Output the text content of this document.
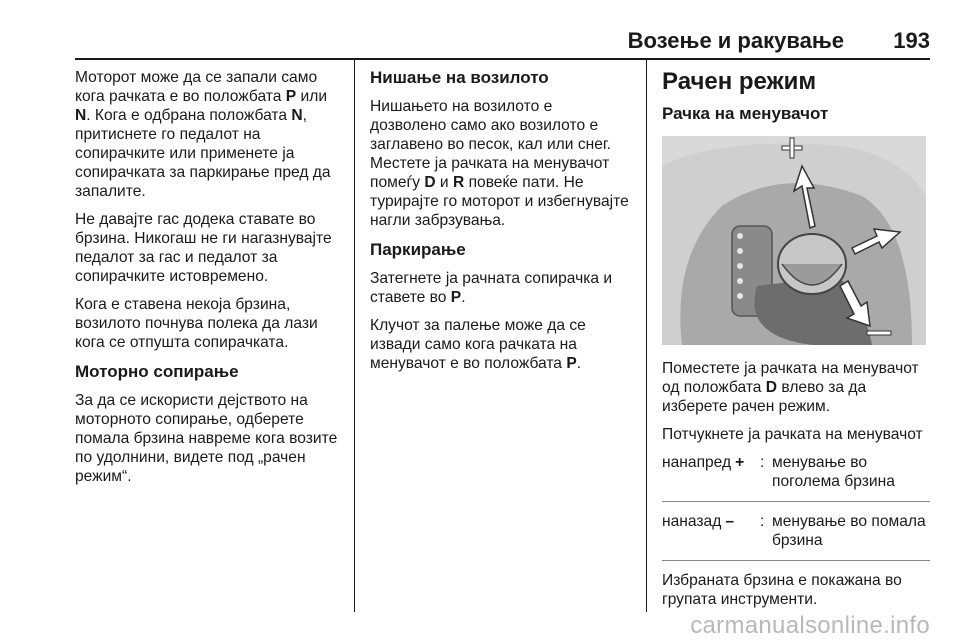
Возење и ракување 193

Моторот може да се запали само
кога рачката е во положбата P или
N. Кога е одбрана положбата N,
притиснете го педалот на
сопирачките или применете ја
сопирачката за паркирање пред да
запалите.

Не давајте гас додека ставате во брзина. Никогаш не ги нагазнувајте педалот за гас и педалот за сопирачките истовремено.

Кога е ставена некоја брзина, возилото почнува полека да лази кога се отпушта сопирачката.

Моторно сопирање

За да се искористи дејството на моторното сопирање, одберете помала брзина навреме кога возите по удолнини, видете под „рачен режим“.

Нишање на возилото

Нишањето на возилото е дозволено само ако возилото е заглавено во песок, кал или снег. Местете ја рачката на менувачот помеѓу D и R повеќе пати. Не турирајте го моторот и избегнувајте нагли забрзувања.

Паркирање

Затегнете ја рачната сопирачка и ставете во P.

Клучот за палење може да се извади само кога рачката на менувачот е во положбата P.

Рачен режим
Рачка на менувачот

Поместете ја рачката на менувачот од положбата D влево за да изберете рачен режим.

Потчукнете ја рачката на менувачот

нанапред + : менување во поголема брзина
наназад – : менување во помала брзина

Избраната брзина е покажана во групата инструменти.

carmanualsonline.info
